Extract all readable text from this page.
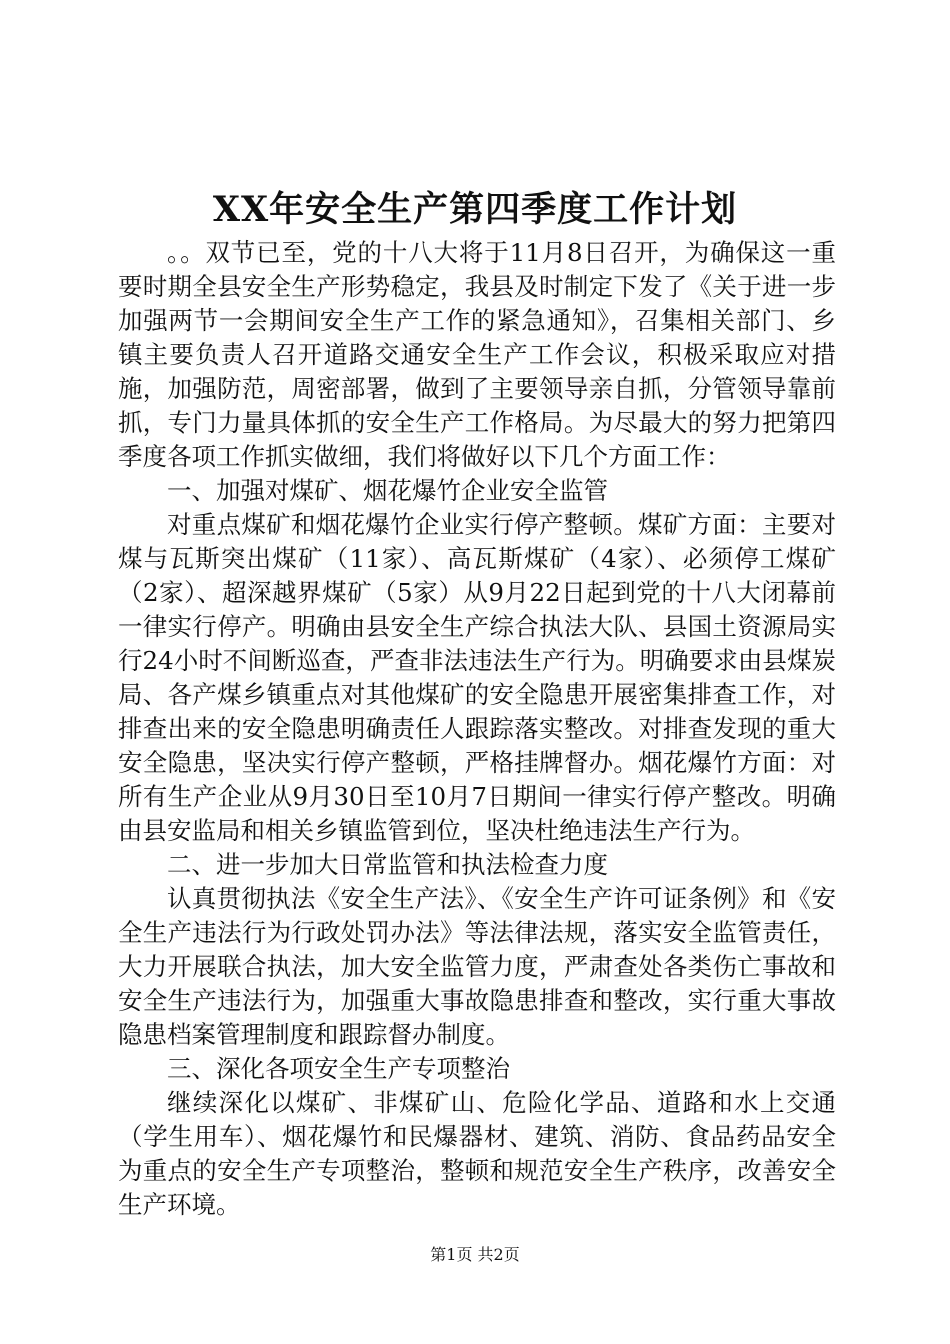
XX年安全生产第四季度工作计划

。。双节已至，党的十八大将于11月8日召开，为确保这一重要时期全县安全生产形势稳定，我县及时制定下发了《关于进一步加强两节一会期间安全生产工作的紧急通知》，召集相关部门、乡镇主要负责人召开道路交通安全生产工作会议，积极采取应对措施，加强防范，周密部署，做到了主要领导亲自抓，分管领导靠前抓，专门力量具体抓的安全生产工作格局。为尽最大的努力把第四季度各项工作抓实做细，我们将做好以下几个方面工作：

一、加强对煤矿、烟花爆竹企业安全监管

对重点煤矿和烟花爆竹企业实行停产整顿。煤矿方面：主要对煤与瓦斯突出煤矿（11家）、高瓦斯煤矿（4家）、必须停工煤矿（2家）、超深越界煤矿（5家）从9月22日起到党的十八大闭幕前一律实行停产。明确由县安全生产综合执法大队、县国土资源局实行24小时不间断巡查，严查非法违法生产行为。明确要求由县煤炭局、各产煤乡镇重点对其他煤矿的安全隐患开展密集排查工作，对排查出来的安全隐患明确责任人跟踪落实整改。对排查发现的重大安全隐患，坚决实行停产整顿，严格挂牌督办。烟花爆竹方面：对所有生产企业从9月30日至10月7日期间一律实行停产整改。明确由县安监局和相关乡镇监管到位，坚决杜绝违法生产行为。

二、进一步加大日常监管和执法检查力度

认真贯彻执法《安全生产法》、《安全生产许可证条例》和《安全生产违法行为行政处罚办法》等法律法规，落实安全监管责任，大力开展联合执法，加大安全监管力度，严肃查处各类伤亡事故和安全生产违法行为，加强重大事故隐患排查和整改，实行重大事故隐患档案管理制度和跟踪督办制度。

三、深化各项安全生产专项整治

继续深化以煤矿、非煤矿山、危险化学品、道路和水上交通（学生用车）、烟花爆竹和民爆器材、建筑、消防、食品药品安全为重点的安全生产专项整治，整顿和规范安全生产秩序，改善安全生产环境。

第1页 共2页
